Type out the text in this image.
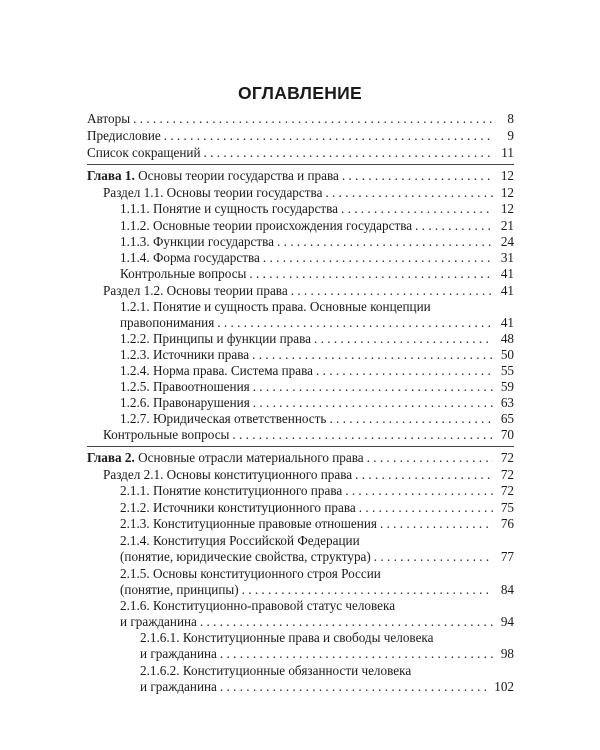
ОГЛАВЛЕНИЕ
Авторы . . .	8
Предисловие . . .	9
Список сокращений . . .	11
Глава 1. Основы теории государства и права . . .	12
Раздел 1.1. Основы теории государства . . .	12
1.1.1. Понятие и сущность государства . . .	12
1.1.2. Основные теории происхождения государства . . .	21
1.1.3. Функции государства . . .	24
1.1.4. Форма государства . . .	31
Контрольные вопросы . . .	41
Раздел 1.2. Основы теории права . . .	41
1.2.1. Понятие и сущность права. Основные концепции
правопонимания . . .	41
1.2.2. Принципы и функции права . . .	48
1.2.3. Источники права . . .	50
1.2.4. Норма права. Система права . . .	55
1.2.5. Правоотношения . . .	59
1.2.6. Правонарушения . . .	63
1.2.7. Юридическая ответственность . . .	65
Контрольные вопросы . . .	70
Глава 2. Основные отрасли материального права . . .	72
Раздел 2.1. Основы конституционного права . . .	72
2.1.1. Понятие конституционного права . . .	72
2.1.2. Источники конституционного права . . .	75
2.1.3. Конституционные правовые отношения . . .	76
2.1.4. Конституция Российской Федерации
(понятие, юридические свойства, структура) . . .	77
2.1.5. Основы конституционного строя России
(понятие, принципы) . . .	84
2.1.6. Конституционно-правовой статус человека
и гражданина . . .	94
2.1.6.1. Конституционные права и свободы человека
и гражданина . . .	98
2.1.6.2. Конституционные обязанности человека
и гражданина . . .	102
